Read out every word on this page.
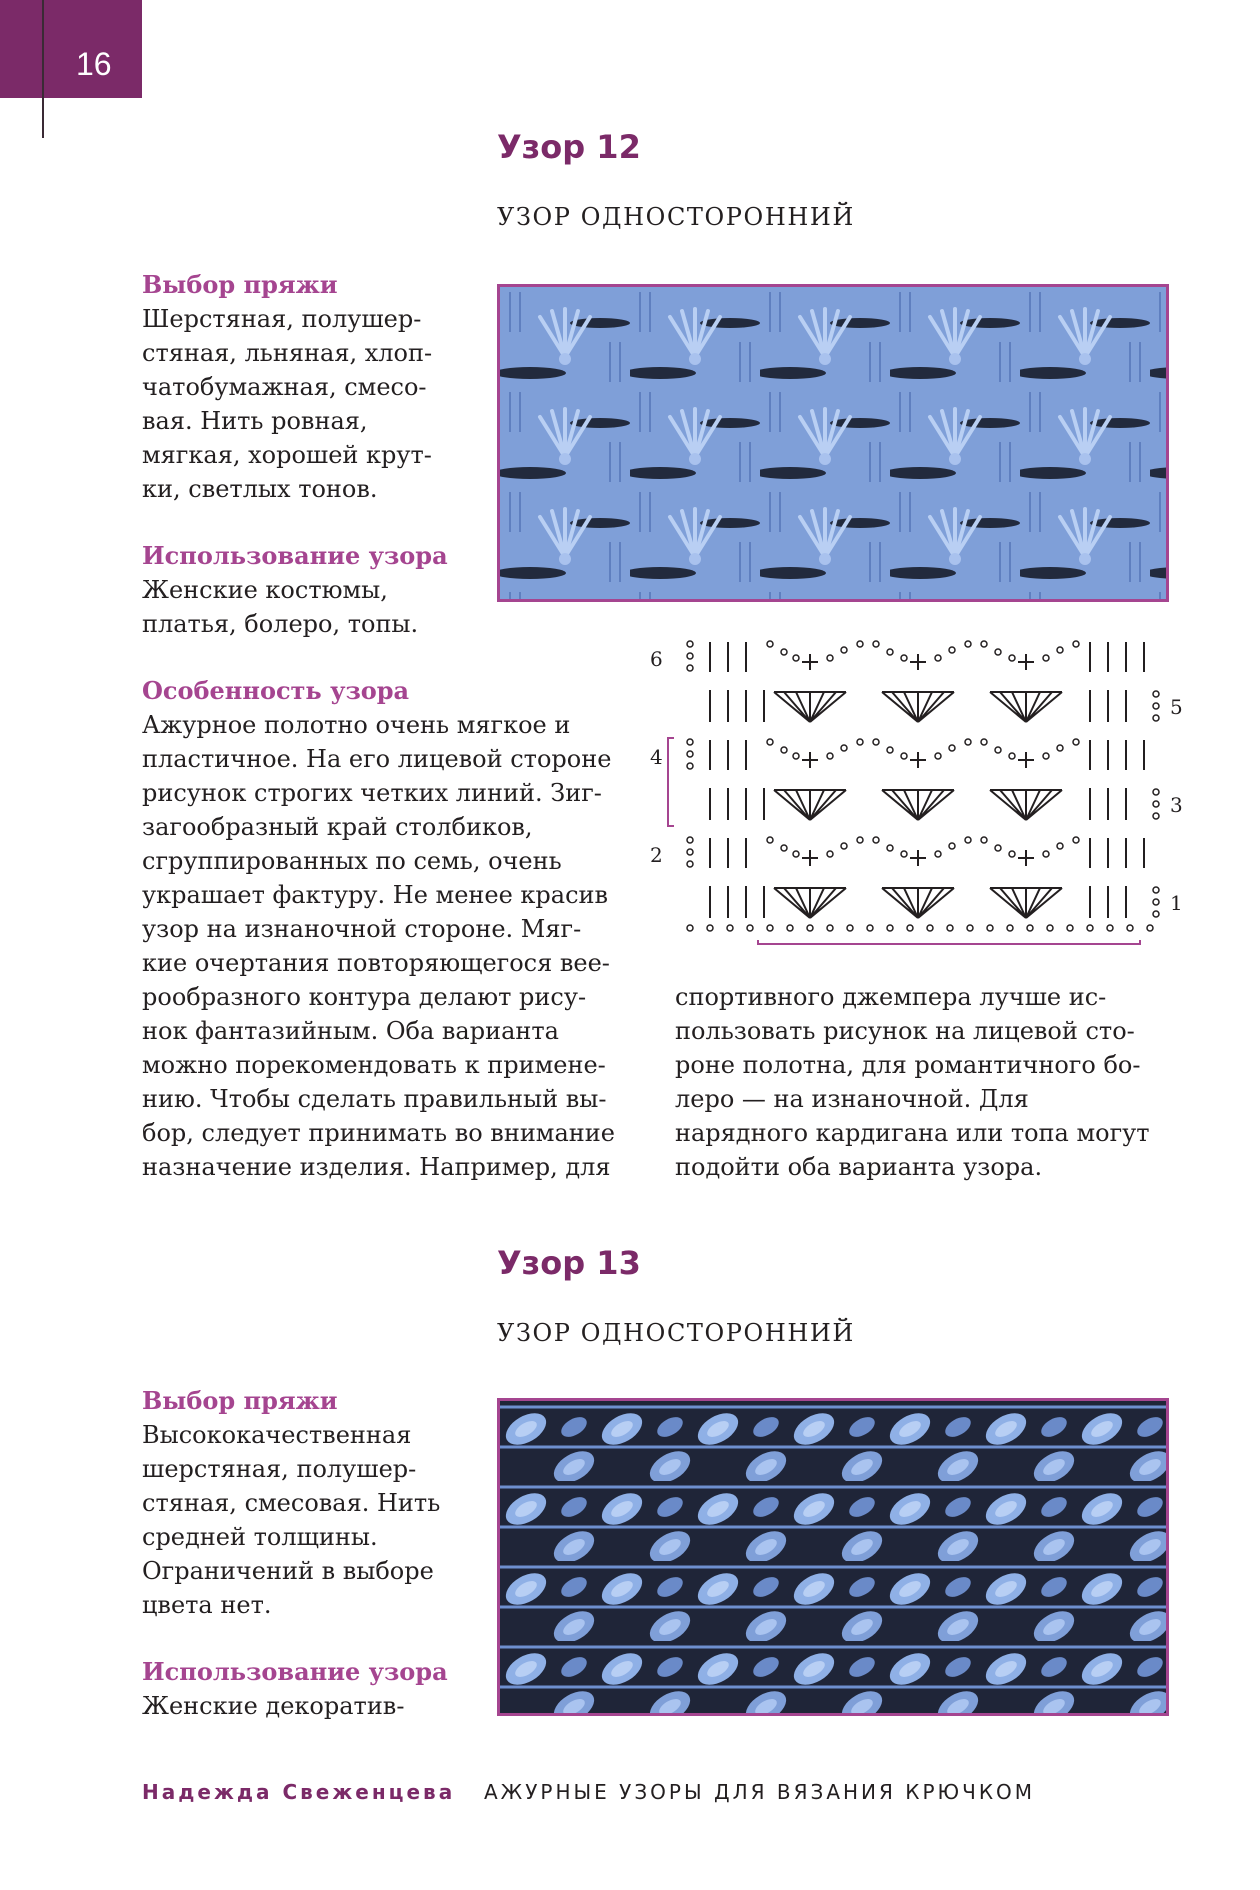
16
Узор 12
УЗОР ОДНОСТОРОННИЙ
Выбор пряжи
Шерстяная, полушер-
стяная, льняная, хлоп-
чатобумажная, смесо-
вая. Нить ровная,
мягкая, хорошей крут-
ки, светлых тонов.
Использование узора
Женские костюмы,
платья, болеро, топы.
Особенность узора
Ажурное полотно очень мягкое и
пластичное. На его лицевой стороне
рисунок строгих четких линий. Зиг-
загообразный край столбиков,
сгруппированных по семь, очень
украшает фактуру. Не менее красив
узор на изнаночной стороне. Мяг-
кие очертания повторяющегося вее-
рообразного контура делают рису-
нок фантазийным. Оба варианта
можно порекомендовать к примене-
нию. Чтобы сделать правильный вы-
бор, следует принимать во внимание
назначение изделия. Например, для
спортивного джемпера лучше ис-
пользовать рисунок на лицевой сто-
роне полотна, для романтичного бо-
леро — на изнаночной. Для
нарядного кардигана или топа могут
подойти оба варианта узора.
6
4
2
5
3
1
Узор 13
УЗОР ОДНОСТОРОННИЙ
Выбор пряжи
Высококачественная
шерстяная, полушер-
стяная, смесовая. Нить
средней толщины.
Ограничений в выборе
цвета нет.
Использование узора
Женские декоратив-
Надежда Свеженцева АЖУРНЫЕ УЗОРЫ ДЛЯ ВЯЗАНИЯ КРЮЧКОМ
